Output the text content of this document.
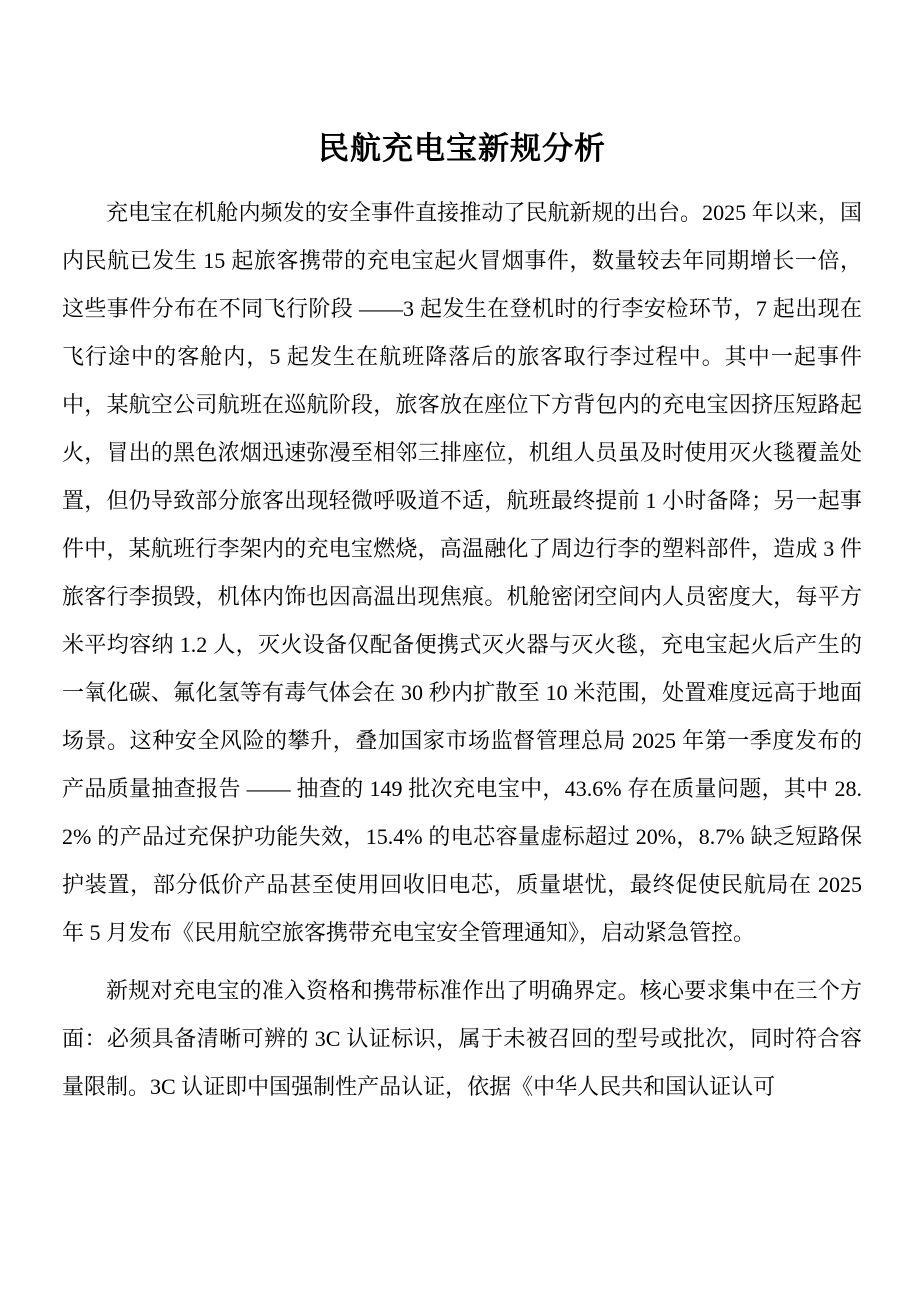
民航充电宝新规分析

充电宝在机舱内频发的安全事件直接推动了民航新规的出台。2025 年以来，国内民航已发生 15 起旅客携带的充电宝起火冒烟事件，数量较去年同期增长一倍，这些事件分布在不同飞行阶段 ——3 起发生在登机时的行李安检环节，7 起出现在飞行途中的客舱内，5 起发生在航班降落后的旅客取行李过程中。其中一起事件中，某航空公司航班在巡航阶段，旅客放在座位下方背包内的充电宝因挤压短路起火，冒出的黑色浓烟迅速弥漫至相邻三排座位，机组人员虽及时使用灭火毯覆盖处置，但仍导致部分旅客出现轻微呼吸道不适，航班最终提前 1 小时备降；另一起事件中，某航班行李架内的充电宝燃烧，高温融化了周边行李的塑料部件，造成 3 件旅客行李损毁，机体内饰也因高温出现焦痕。机舱密闭空间内人员密度大，每平方米平均容纳 1.2 人，灭火设备仅配备便携式灭火器与灭火毯，充电宝起火后产生的一氧化碳、氟化氢等有毒气体会在 30 秒内扩散至 10 米范围，处置难度远高于地面场景。这种安全风险的攀升，叠加国家市场监督管理总局 2025 年第一季度发布的产品质量抽查报告 —— 抽查的 149 批次充电宝中，43.6% 存在质量问题，其中 28.2% 的产品过充保护功能失效，15.4% 的电芯容量虚标超过 20%，8.7% 缺乏短路保护装置，部分低价产品甚至使用回收旧电芯，质量堪忧，最终促使民航局在 2025 年 5 月发布《民用航空旅客携带充电宝安全管理通知》，启动紧急管控。

新规对充电宝的准入资格和携带标准作出了明确界定。核心要求集中在三个方面：必须具备清晰可辨的 3C 认证标识，属于未被召回的型号或批次，同时符合容量限制。3C 认证即中国强制性产品认证，依据《中华人民共和国认证认可
